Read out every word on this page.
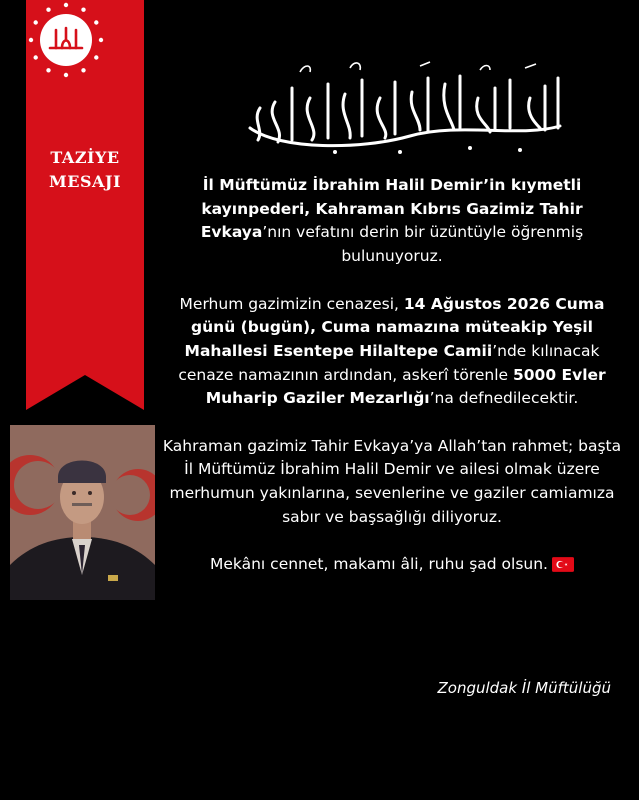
TAZİYE
MESAJI	İl Müftümüz İbrahim Halil Demir’in kıymetli kayınpederi, Kahraman Kıbrıs Gazimiz Tahir Evkaya’nın vefatını derin bir üzüntüyle öğrenmiş bulunuyoruz.

Merhum gazimizin cenazesi, 14 Ağustos 2026 Cuma günü (bugün), Cuma namazına müteakip Yeşil Mahallesi Esentepe Hilaltepe Camii’nde kılınacak cenaze namazının ardından, askerî törenle 5000 Evler Muharip Gaziler Mezarlığı’na defnedilecektir.

Kahraman gazimiz Tahir Evkaya’ya Allah’tan rahmet; başta İl Müftümüz İbrahim Halil Demir ve ailesi olmak üzere merhumun yakınlarına, sevenlerine ve gaziler camiamıza sabır ve başsağlığı diliyoruz.

Mekânı cennet, makamı âli, ruhu şad olsun.

Zonguldak İl Müftülüğü
